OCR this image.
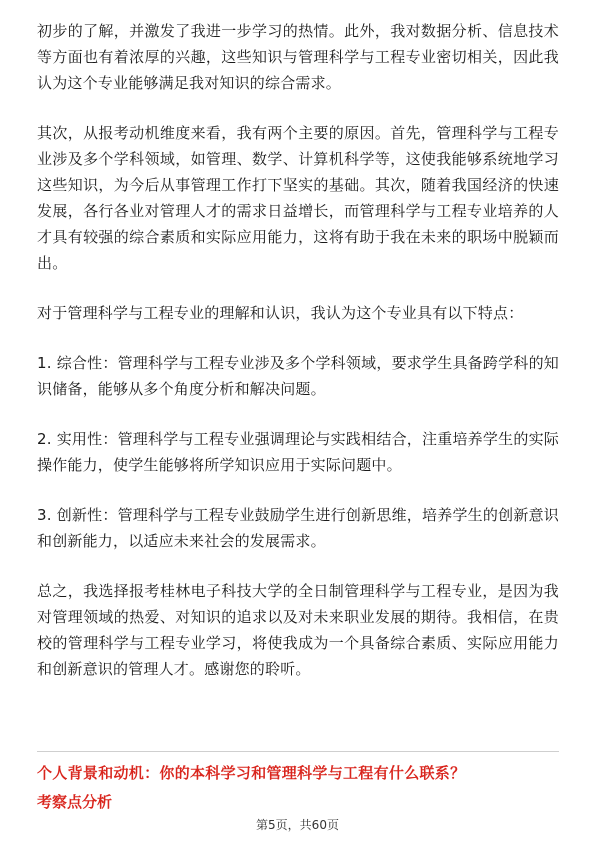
初步的了解，并激发了我进一步学习的热情。此外，我对数据分析、信息技术等方面也有着浓厚的兴趣，这些知识与管理科学与工程专业密切相关，因此我认为这个专业能够满足我对知识的综合需求。

其次，从报考动机维度来看，我有两个主要的原因。首先，管理科学与工程专业涉及多个学科领域，如管理、数学、计算机科学等，这使我能够系统地学习这些知识，为今后从事管理工作打下坚实的基础。其次，随着我国经济的快速发展，各行各业对管理人才的需求日益增长，而管理科学与工程专业培养的人才具有较强的综合素质和实际应用能力，这将有助于我在未来的职场中脱颖而出。

对于管理科学与工程专业的理解和认识，我认为这个专业具有以下特点：

1. 综合性：管理科学与工程专业涉及多个学科领域，要求学生具备跨学科的知识储备，能够从多个角度分析和解决问题。

2. 实用性：管理科学与工程专业强调理论与实践相结合，注重培养学生的实际操作能力，使学生能够将所学知识应用于实际问题中。

3. 创新性：管理科学与工程专业鼓励学生进行创新思维，培养学生的创新意识和创新能力，以适应未来社会的发展需求。

总之，我选择报考桂林电子科技大学的全日制管理科学与工程专业，是因为我对管理领域的热爱、对知识的追求以及对未来职业发展的期待。我相信，在贵校的管理科学与工程专业学习，将使我成为一个具备综合素质、实际应用能力和创新意识的管理人才。感谢您的聆听。

个人背景和动机：你的本科学习和管理科学与工程有什么联系？
考察点分析
第5页，共60页
